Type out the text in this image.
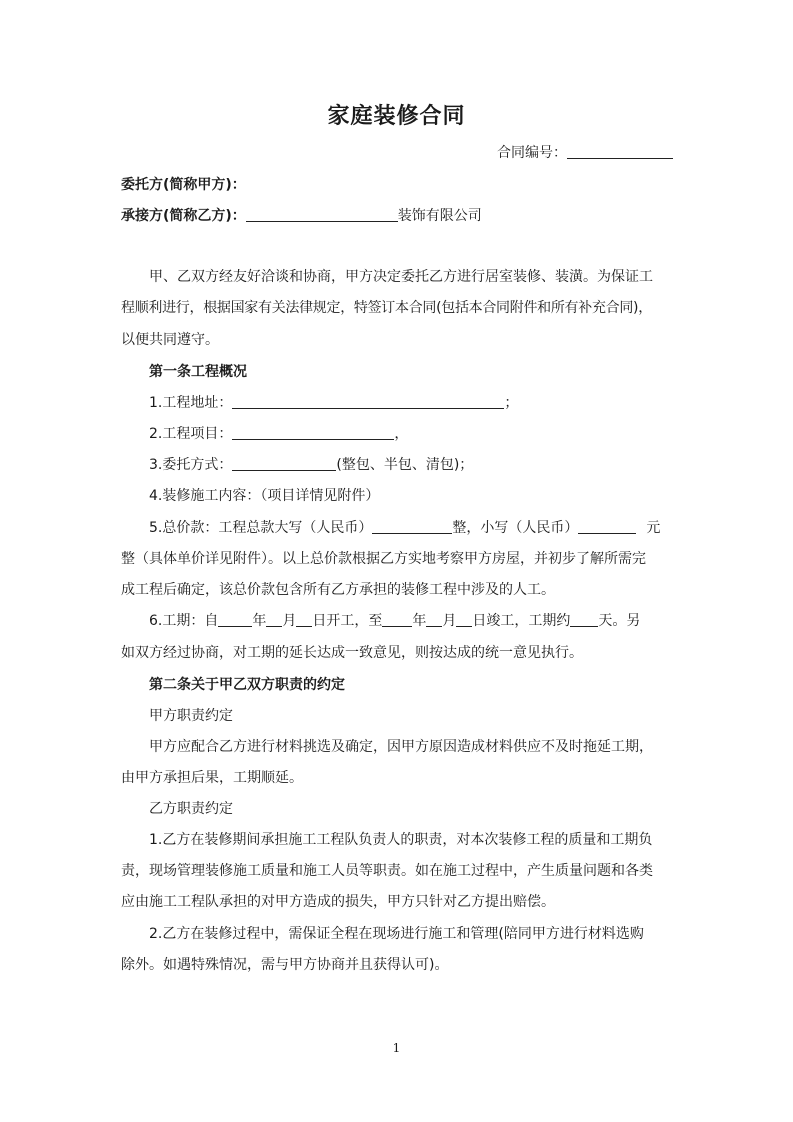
家庭装修合同
合同编号：
委托方(简称甲方)：
承接方(简称乙方)：	装饰有限公司
甲、乙双方经友好洽谈和协商，甲方决定委托乙方进行居室装修、装潢。为保证工
程顺利进行，根据国家有关法律规定，特签订本合同(包括本合同附件和所有补充合同)，
以便共同遵守。
第一条工程概况
1.工程地址：	；
2.工程项目：	，
3.委托方式：	(整包、半包、清包)；
4.装修施工内容：（项目详情见附件）
5.总价款：工程总款大写（人民币）	整，小写（人民币）	元
整（具体单价详见附件）。以上总价款根据乙方实地考察甲方房屋，并初步了解所需完
成工程后确定，该总价款包含所有乙方承担的装修工程中涉及的人工。
6.工期：自 年 月 日开工，至 年 月 日竣工，工期约 天。另
如双方经过协商，对工期的延长达成一致意见，则按达成的统一意见执行。
第二条关于甲乙双方职责的约定
甲方职责约定
甲方应配合乙方进行材料挑选及确定，因甲方原因造成材料供应不及时拖延工期，
由甲方承担后果，工期顺延。
乙方职责约定
1.乙方在装修期间承担施工工程队负责人的职责，对本次装修工程的质量和工期负
责，现场管理装修施工质量和施工人员等职责。如在施工过程中，产生质量问题和各类
应由施工工程队承担的对甲方造成的损失，甲方只针对乙方提出赔偿。
2.乙方在装修过程中，需保证全程在现场进行施工和管理(陪同甲方进行材料选购
除外。如遇特殊情况，需与甲方协商并且获得认可)。
1
